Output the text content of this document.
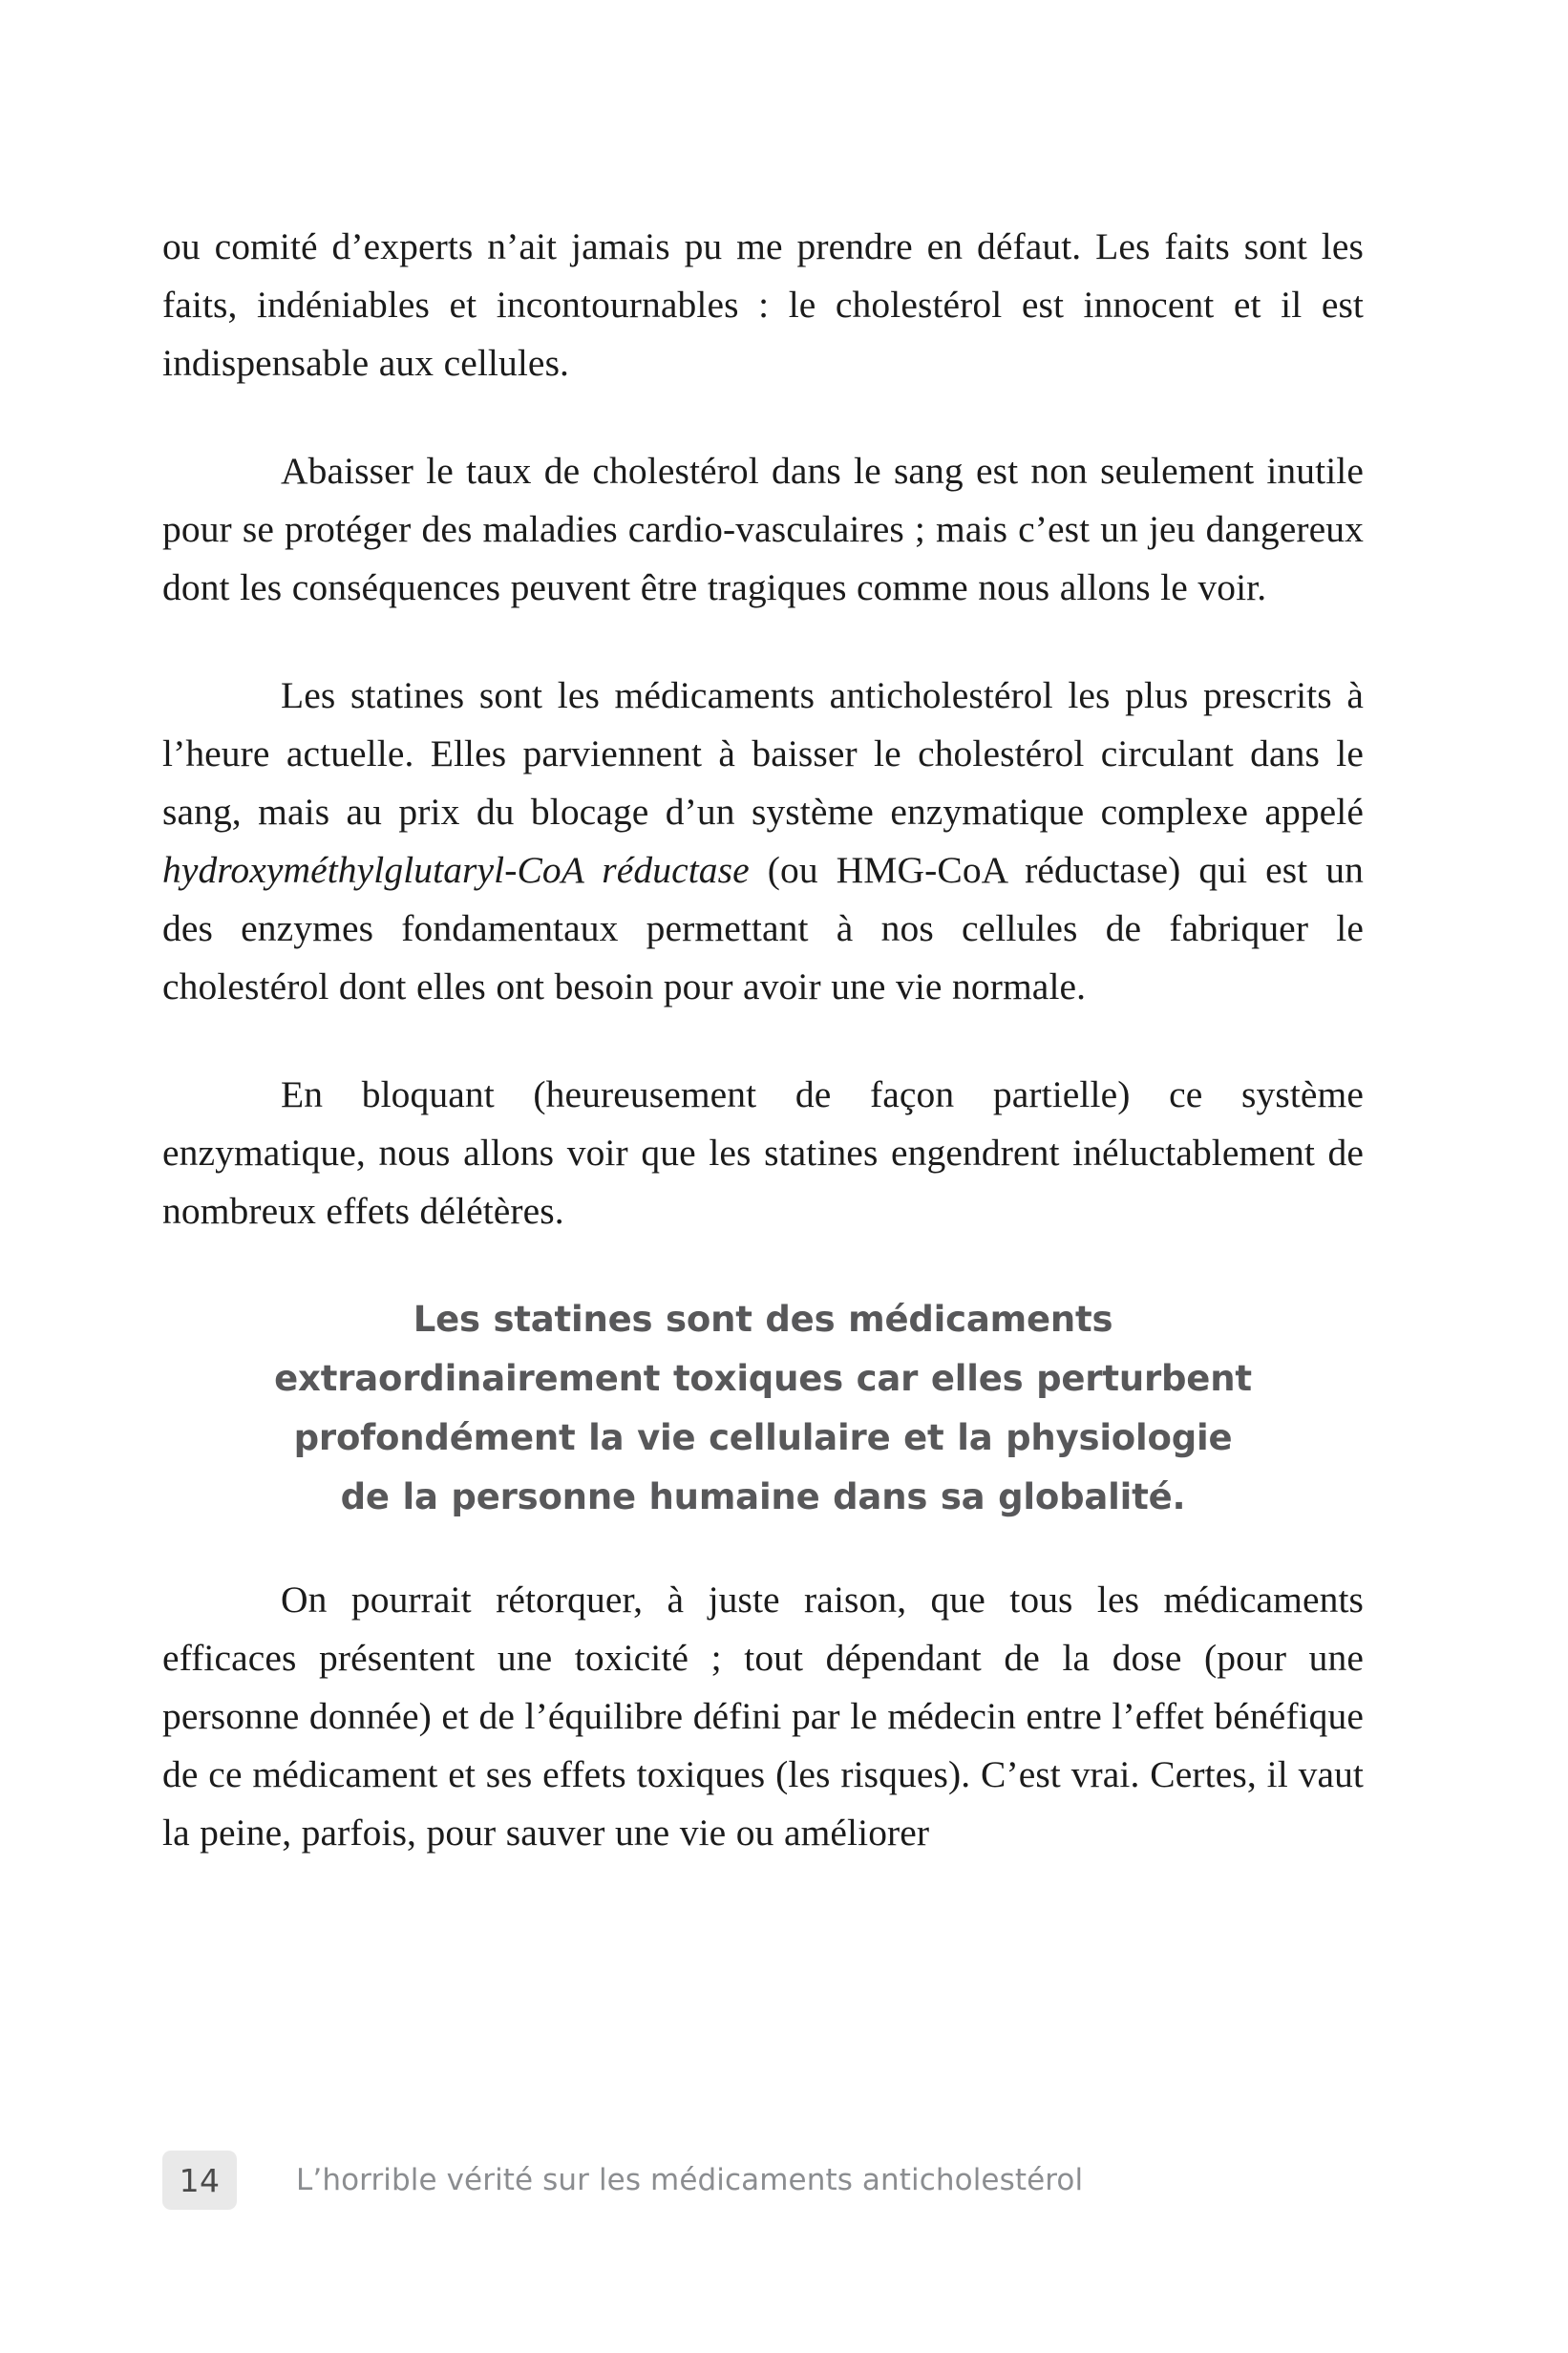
ou comité d’experts n’ait jamais pu me prendre en défaut. Les faits sont les faits, indéniables et incontournables : le cholestérol est innocent et il est indispensable aux cellules.

Abaisser le taux de cholestérol dans le sang est non seulement inutile pour se protéger des maladies cardio-vasculaires ; mais c’est un jeu dangereux dont les conséquences peuvent être tragiques comme nous allons le voir.

Les statines sont les médicaments anticholestérol les plus prescrits à l’heure actuelle. Elles parviennent à baisser le cholestérol circulant dans le sang, mais au prix du blocage d’un système enzymatique complexe appelé hydroxyméthylglutaryl-CoA réductase (ou HMG-CoA réductase) qui est un des enzymes fondamentaux permettant à nos cellules de fabriquer le cholestérol dont elles ont besoin pour avoir une vie normale.

En bloquant (heureusement de façon partielle) ce système enzymatique, nous allons voir que les statines engendrent inéluctablement de nombreux effets délétères.

Les statines sont des médicaments
extraordinairement toxiques car elles perturbent
profondément la vie cellulaire et la physiologie
de la personne humaine dans sa globalité.

On pourrait rétorquer, à juste raison, que tous les médicaments efficaces présentent une toxicité ; tout dépendant de la dose (pour une personne donnée) et de l’équilibre défini par le médecin entre l’effet bénéfique de ce médicament et ses effets toxiques (les risques). C’est vrai. Certes, il vaut la peine, parfois, pour sauver une vie ou améliorer

14	L’horrible vérité sur les médicaments anticholestérol
